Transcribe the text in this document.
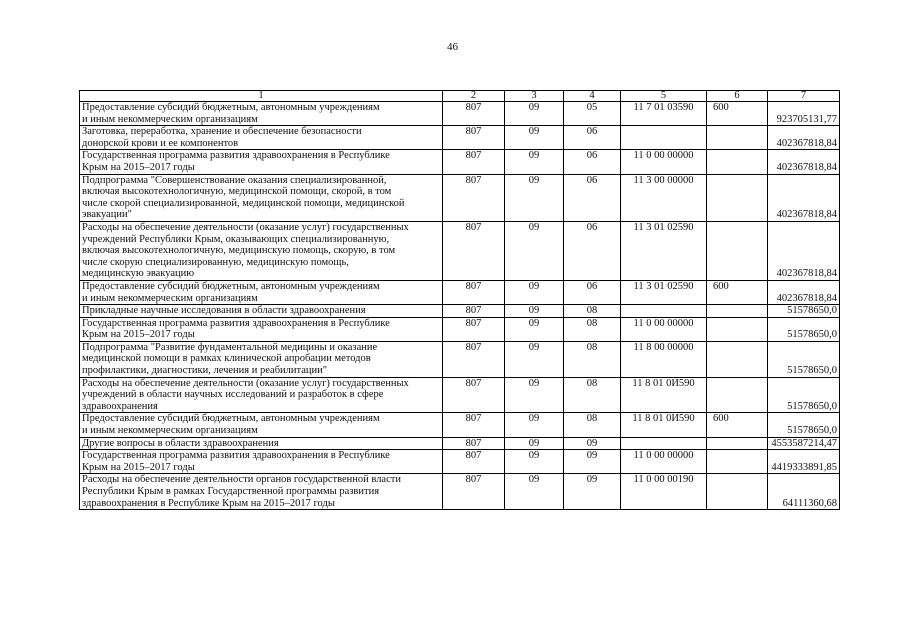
46
1	2	3	4	5	6	7

Предоставление субсидий бюджетным, автономным учреждениям
и иным некоммерческим организациям	807	09	05	11 7 01 03590	600	923705131,77

Заготовка, переработка, хранение и обеспечение безопасности
донорской крови и ее компонентов	807	09	06			402367818,84

Государственная программа развития здравоохранения в Республике
Крым на 2015–2017 годы	807	09	06	11 0 00 00000		402367818,84

Подпрограмма "Совершенствование оказания специализированной,
включая высокотехнологичную, медицинской помощи, скорой, в том
числе скорой специализированной, медицинской помощи, медицинской
эвакуации"	807	09	06	11 3 00 00000		402367818,84

Расходы на обеспечение деятельности (оказание услуг) государственных
учреждений Республики Крым, оказывающих специализированную,
включая высокотехнологичную, медицинскую помощь, скорую, в том
числе скорую специализированную, медицинскую помощь,
медицинскую эвакуацию	807	09	06	11 3 01 02590		402367818,84

Предоставление субсидий бюджетным, автономным учреждениям
и иным некоммерческим организациям	807	09	06	11 3 01 02590	600	402367818,84

Прикладные научные исследования в области здравоохранения	807	09	08			51578650,0

Государственная программа развития здравоохранения в Республике
Крым на 2015–2017 годы	807	09	08	11 0 00 00000		51578650,0

Подпрограмма "Развитие фундаментальной медицины и оказание
медицинской помощи в рамках клинической апробации методов
профилактики, диагностики, лечения и реабилитации"	807	09	08	11 8 00 00000		51578650,0

Расходы на обеспечение деятельности (оказание услуг) государственных
учреждений в области научных исследований и разработок в сфере
здравоохранения	807	09	08	11 8 01 0И590		51578650,0

Предоставление субсидий бюджетным, автономным учреждениям
и иным некоммерческим организациям	807	09	08	11 8 01 0И590	600	51578650,0

Другие вопросы в области здравоохранения	807	09	09			4553587214,47

Государственная программа развития здравоохранения в Республике
Крым на 2015–2017 годы	807	09	09	11 0 00 00000		4419333891,85

Расходы на обеспечение деятельности органов государственной власти
Республики Крым в рамках Государственной программы развития
здравоохранения в Республике Крым на 2015–2017 годы	807	09	09	11 0 00 00190		64111360,68
